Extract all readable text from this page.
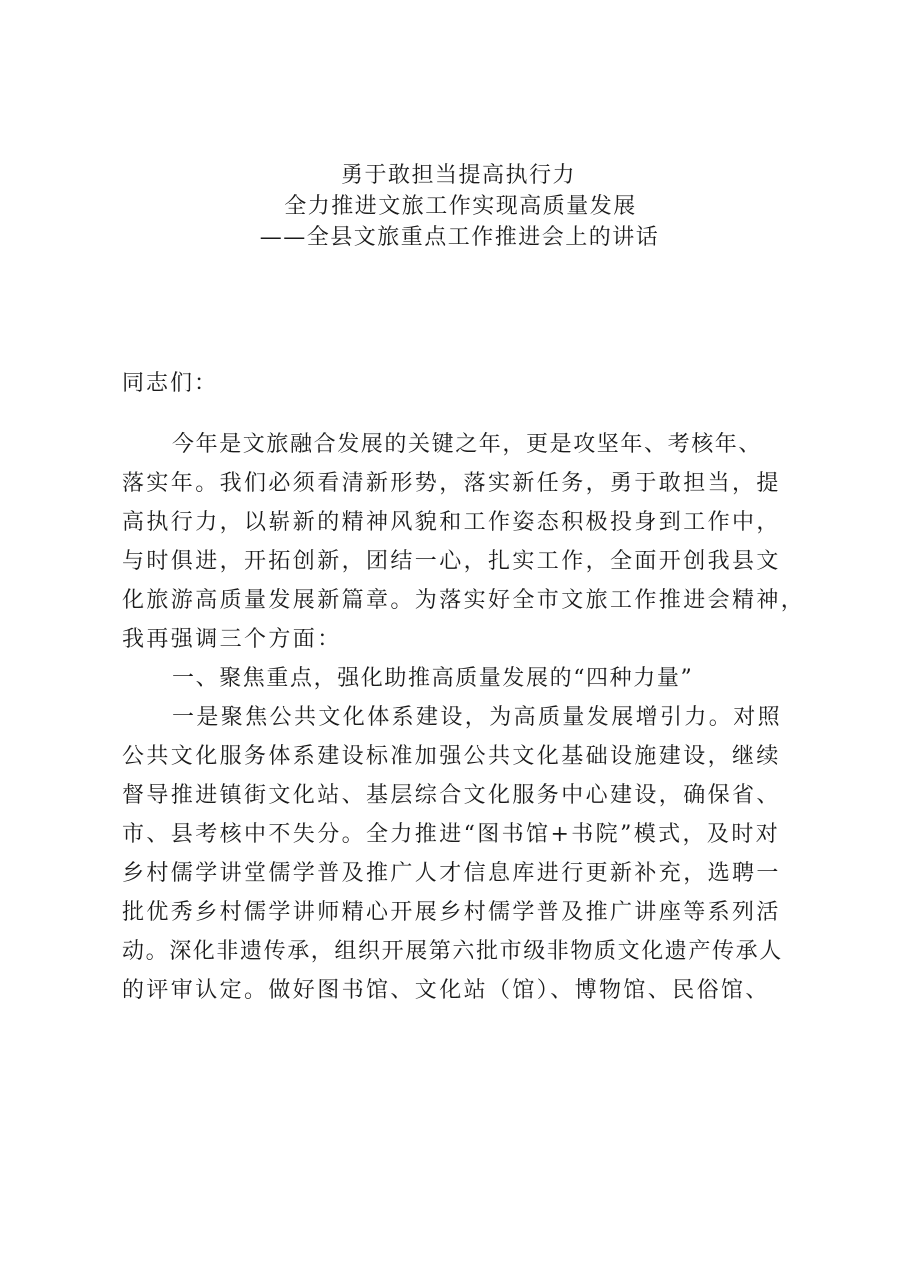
勇于敢担当提高执行力
全力推进文旅工作实现高质量发展
——全县文旅重点工作推进会上的讲话
同志们：
今年是文旅融合发展的关键之年，更是攻坚年、考核年、
落实年。我们必须看清新形势，落实新任务，勇于敢担当，提
高执行力，以崭新的精神风貌和工作姿态积极投身到工作中，
与时俱进，开拓创新，团结一心，扎实工作，全面开创我县文
化旅游高质量发展新篇章。为落实好全市文旅工作推进会精神，
我再强调三个方面：
一、聚焦重点，强化助推高质量发展的“四种力量”
一是聚焦公共文化体系建设，为高质量发展增引力。对照
公共文化服务体系建设标准加强公共文化基础设施建设，继续
督导推进镇街文化站、基层综合文化服务中心建设，确保省、
市、县考核中不失分。全力推进“图书馆+书院”模式，及时对
乡村儒学讲堂儒学普及推广人才信息库进行更新补充，选聘一
批优秀乡村儒学讲师精心开展乡村儒学普及推广讲座等系列活
动。深化非遗传承，组织开展第六批市级非物质文化遗产传承人
的评审认定。做好图书馆、文化站（馆）、博物馆、民俗馆、
